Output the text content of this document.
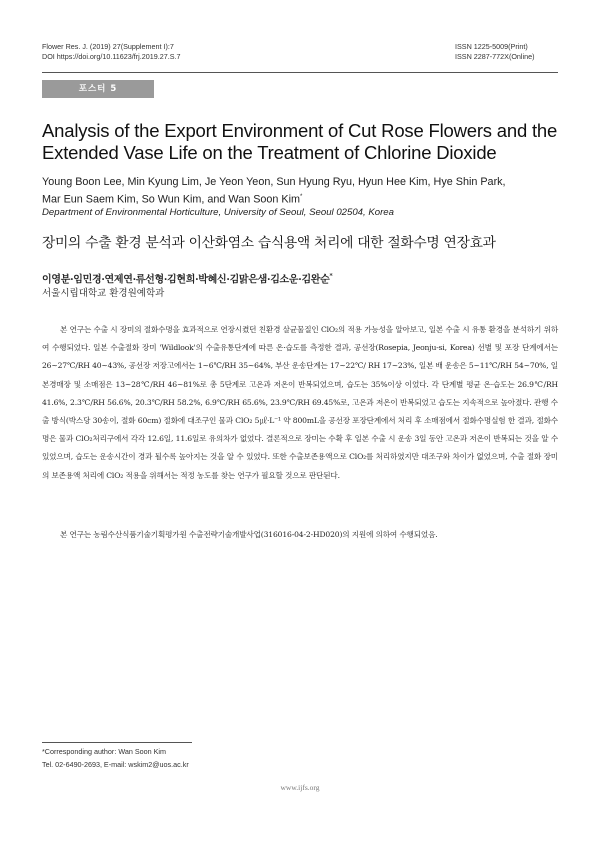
Flower Res. J. (2019) 27(Supplement I):7
DOI https://doi.org/10.11623/frj.2019.27.S.7
ISSN 1225-5009(Print)
ISSN 2287-772X(Online)
포스터 5
Analysis of the Export Environment of Cut Rose Flowers and the Extended Vase Life on the Treatment of Chlorine Dioxide
Young Boon Lee, Min Kyung Lim, Je Yeon Yeon, Sun Hyung Ryu, Hyun Hee Kim, Hye Shin Park,
Mar Eun Saem Kim, So Wun Kim, and Wan Soon Kim*
Department of Environmental Horticulture, University of Seoul, Seoul 02504, Korea
장미의 수출 환경 분석과 이산화염소 습식용액 처리에 대한 절화수명 연장효과
이영분·임민경·연제연·류선형·김현희·박혜신·김맑은샘·김소운·김완순*
서울시립대학교 환경원예학과

본 연구는 수출 시 장미의 절화수명을 효과적으로 연장시켰던 친환경 살균물질인 ClO₂의 적용 가능성을 알아보고, 일본 수출 시 유통 환경을 분석하기 위하여 수행되었다. 일본 수출절화 장미 'Wildlook'의 수출유통단계에 따른 온·습도를 측정한 결과, 공선장(Rosepia, Jeonju-si, Korea) 선별 및 포장 단계에서는 26~27℃/RH 40~43%, 공선장 저장고에서는 1~6℃/RH 35~64%, 부산 운송단계는 17~22℃/ RH 17~23%, 일본 배 운송은 5~11℃/RH 54~70%, 일본경매장 및 소매점은 13~28℃/RH 46~81%로 총 5단계로 고온과 저온이 반복되었으며, 습도는 35%이상 이었다. 각 단계별 평균 온·습도는 26.9℃/RH 41.6%, 2.3℃/RH 56.6%, 20.3℃/RH 58.2%, 6.9℃/RH 65.6%, 23.9℃/RH 69.45%로, 고온과 저온이 반복되었고 습도는 지속적으로 높아졌다. 관행 수출 방식(박스당 30송이, 절화 60cm) 절화에 대조구인 물과 ClO₂ 5㎕·L⁻¹ 약 800mL을 공선장 포장단계에서 처리 후 소매점에서 절화수명실험 한 결과, 절화수명은 물과 ClO₂처리구에서 각각 12.6일, 11.6일로 유의차가 없었다. 결론적으로 장미는 수확 후 일본 수출 시 운송 3일 동안 고온과 저온이 반복되는 것을 알 수 있었으며, 습도는 운송시간이 경과 될수록 높아지는 것을 알 수 있었다. 또한 수출보존용액으로 ClO₂를 처리하였지만 대조구와 차이가 없었으며, 수출 절화 장미의 보존용액 처리에 ClO₂ 적용을 위해서는 적정 농도를 찾는 연구가 필요할 것으로 판단된다.

본 연구는 농림수산식품기술기획평가원 수출전략기술개발사업(316016-04-2-HD020)의 지원에 의하여 수행되었음.

*Corresponding author: Wan Soon Kim
Tel. 02-6490-2693, E-mail: wskim2@uos.ac.kr
www.ijfs.org
